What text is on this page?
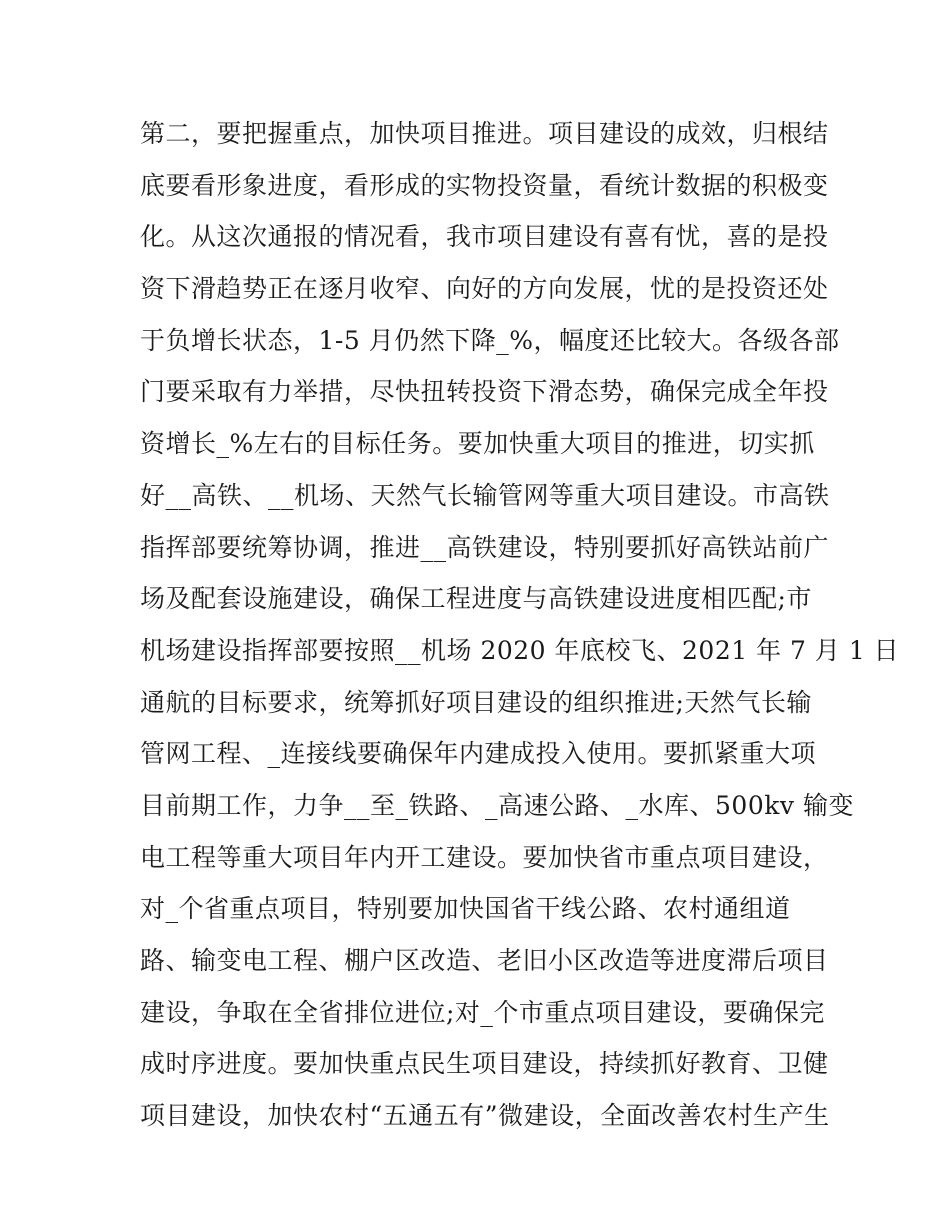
第二，要把握重点，加快项目推进。项目建设的成效，归根结
底要看形象进度，看形成的实物投资量，看统计数据的积极变
化。从这次通报的情况看，我市项目建设有喜有忧，喜的是投
资下滑趋势正在逐月收窄、向好的方向发展，忧的是投资还处
于负增长状态，1-5 月仍然下降_%，幅度还比较大。各级各部
门要采取有力举措，尽快扭转投资下滑态势，确保完成全年投
资增长_%左右的目标任务。要加快重大项目的推进，切实抓
好__高铁、__机场、天然气长输管网等重大项目建设。市高铁
指挥部要统筹协调，推进__高铁建设，特别要抓好高铁站前广
场及配套设施建设，确保工程进度与高铁建设进度相匹配;市
机场建设指挥部要按照__机场 2020 年底校飞、2021 年 7 月 1 日
通航的目标要求，统筹抓好项目建设的组织推进;天然气长输
管网工程、_连接线要确保年内建成投入使用。要抓紧重大项
目前期工作，力争__至_铁路、_高速公路、_水库、500kv 输变
电工程等重大项目年内开工建设。要加快省市重点项目建设，
对_个省重点项目，特别要加快国省干线公路、农村通组道
路、输变电工程、棚户区改造、老旧小区改造等进度滞后项目
建设，争取在全省排位进位;对_个市重点项目建设，要确保完
成时序进度。要加快重点民生项目建设，持续抓好教育、卫健
项目建设，加快农村“五通五有”微建设，全面改善农村生产生
